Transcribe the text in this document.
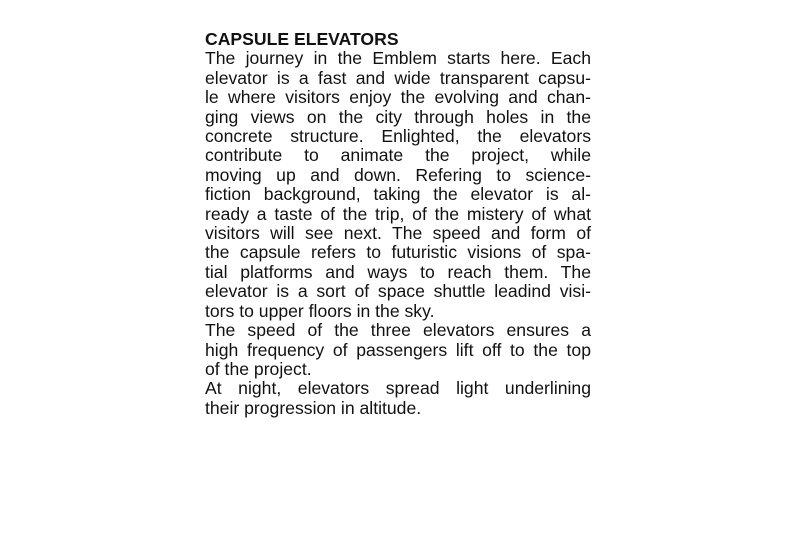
CAPSULE ELEVATORS
The journey in the Emblem starts here. Each
elevator is a fast and wide transparent capsu-
le where visitors enjoy the evolving and chan-
ging views on the city through holes in the
concrete structure. Enlighted, the elevators
contribute to animate the project, while
moving up and down. Refering to science-
fiction background, taking the elevator is al-
ready a taste of the trip, of the mistery of what
visitors will see next. The speed and form of
the capsule refers to futuristic visions of spa-
tial platforms and ways to reach them. The
elevator is a sort of space shuttle leadind visi-
tors to upper floors in the sky.
The speed of the three elevators ensures a
high frequency of passengers lift off to the top
of the project.
At night, elevators spread light underlining
their progression in altitude.
